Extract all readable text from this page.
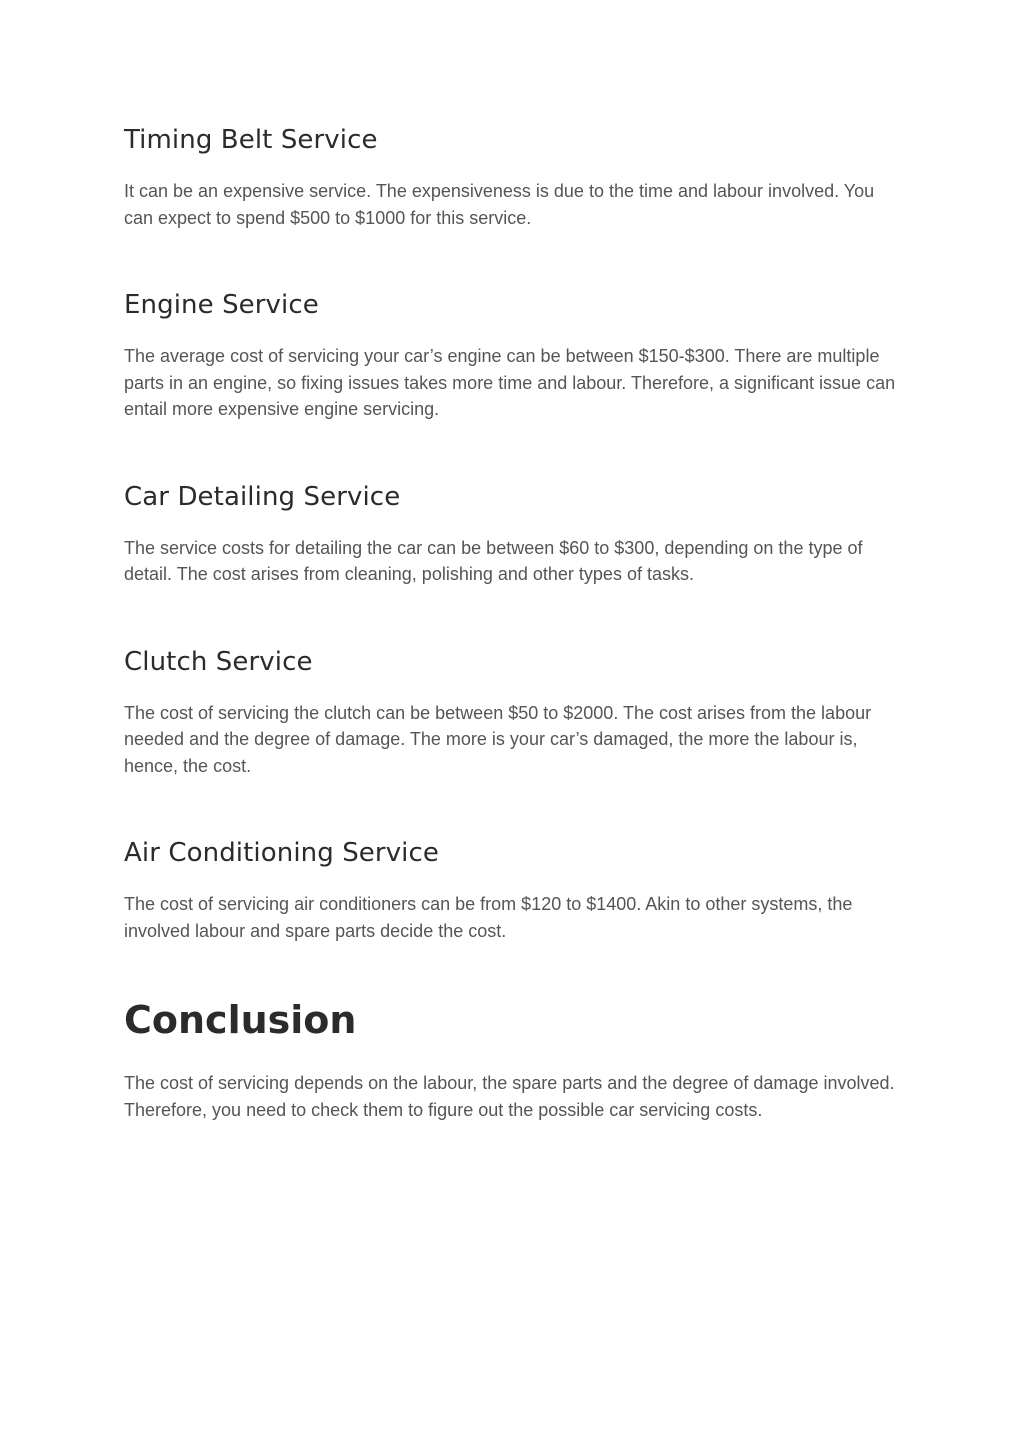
Timing Belt Service

It can be an expensive service. The expensiveness is due to the time and labour involved. You can expect to spend $500 to $1000 for this service.

Engine Service

The average cost of servicing your car’s engine can be between $150-$300. There are multiple parts in an engine, so fixing issues takes more time and labour. Therefore, a significant issue can entail more expensive engine servicing.

Car Detailing Service

The service costs for detailing the car can be between $60 to $300, depending on the type of detail. The cost arises from cleaning, polishing and other types of tasks.

Clutch Service

The cost of servicing the clutch can be between $50 to $2000. The cost arises from the labour needed and the degree of damage. The more is your car’s damaged, the more the labour is, hence, the cost.

Air Conditioning Service

The cost of servicing air conditioners can be from $120 to $1400. Akin to other systems, the involved labour and spare parts decide the cost.

Conclusion

The cost of servicing depends on the labour, the spare parts and the degree of damage involved. Therefore, you need to check them to figure out the possible car servicing costs.
